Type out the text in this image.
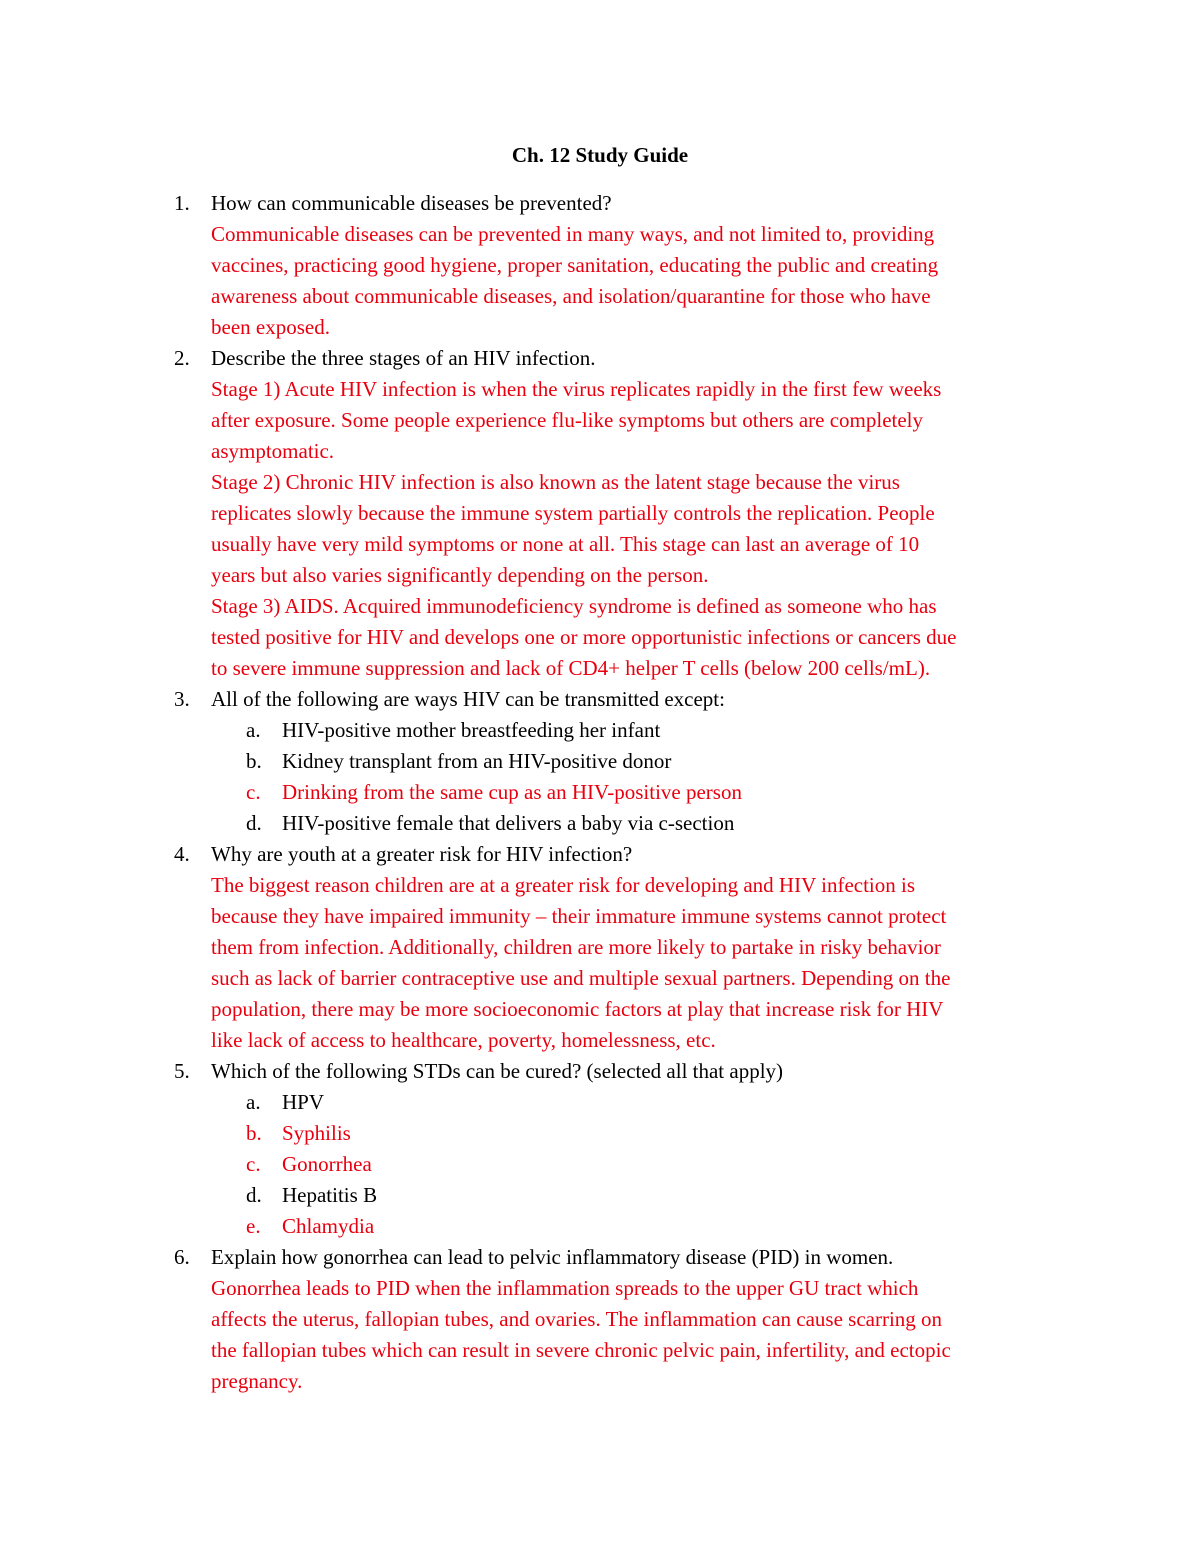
Ch. 12 Study Guide
1. How can communicable diseases be prevented?
Communicable diseases can be prevented in many ways, and not limited to, providing
vaccines, practicing good hygiene, proper sanitation, educating the public and creating
awareness about communicable diseases, and isolation/quarantine for those who have
been exposed.
2. Describe the three stages of an HIV infection.
Stage 1) Acute HIV infection is when the virus replicates rapidly in the first few weeks
after exposure. Some people experience flu-like symptoms but others are completely
asymptomatic.
Stage 2) Chronic HIV infection is also known as the latent stage because the virus
replicates slowly because the immune system partially controls the replication. People
usually have very mild symptoms or none at all. This stage can last an average of 10
years but also varies significantly depending on the person.
Stage 3) AIDS. Acquired immunodeficiency syndrome is defined as someone who has
tested positive for HIV and develops one or more opportunistic infections or cancers due
to severe immune suppression and lack of CD4+ helper T cells (below 200 cells/mL).
3. All of the following are ways HIV can be transmitted except:
a. HIV-positive mother breastfeeding her infant
b. Kidney transplant from an HIV-positive donor
c. Drinking from the same cup as an HIV-positive person
d. HIV-positive female that delivers a baby via c-section
4. Why are youth at a greater risk for HIV infection?
The biggest reason children are at a greater risk for developing and HIV infection is
because they have impaired immunity – their immature immune systems cannot protect
them from infection. Additionally, children are more likely to partake in risky behavior
such as lack of barrier contraceptive use and multiple sexual partners. Depending on the
population, there may be more socioeconomic factors at play that increase risk for HIV
like lack of access to healthcare, poverty, homelessness, etc.
5. Which of the following STDs can be cured? (selected all that apply)
a. HPV
b. Syphilis
c. Gonorrhea
d. Hepatitis B
e. Chlamydia
6. Explain how gonorrhea can lead to pelvic inflammatory disease (PID) in women.
Gonorrhea leads to PID when the inflammation spreads to the upper GU tract which
affects the uterus, fallopian tubes, and ovaries. The inflammation can cause scarring on
the fallopian tubes which can result in severe chronic pelvic pain, infertility, and ectopic
pregnancy.
